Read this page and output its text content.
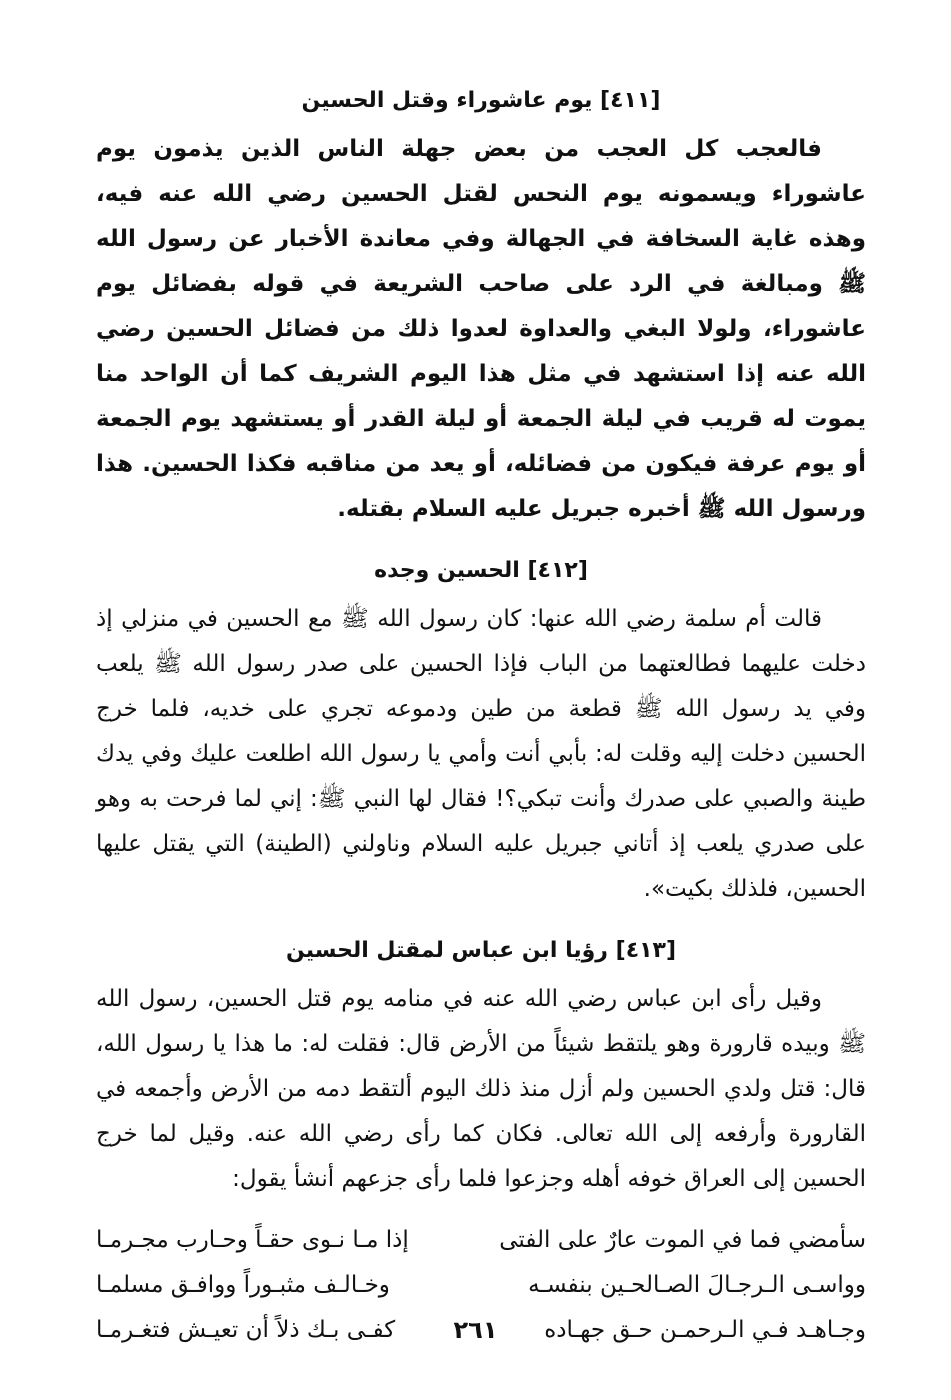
[٤١١] يوم عاشوراء وقتل الحسين

فالعجب كل العجب من بعض جهلة الناس الذين يذمون يوم عاشوراء ويسمونه يوم النحس لقتل الحسين رضي الله عنه فيه، وهذه غاية السخافة في الجهالة وفي معاندة الأخبار عن رسول الله ﷺ ومبالغة في الرد على صاحب الشريعة في قوله بفضائل يوم عاشوراء، ولولا البغي والعداوة لعدوا ذلك من فضائل الحسين رضي الله عنه إذا استشهد في مثل هذا اليوم الشريف كما أن الواحد منا يموت له قريب في ليلة الجمعة أو ليلة القدر أو يستشهد يوم الجمعة أو يوم عرفة فيكون من فضائله، أو يعد من مناقبه فكذا الحسين. هذا ورسول الله ﷺ أخبره جبريل عليه السلام بقتله.

[٤١٢] الحسين وجده

قالت أم سلمة رضي الله عنها: كان رسول الله ﷺ مع الحسين في منزلي إذ دخلت عليهما فطالعتهما من الباب فإذا الحسين على صدر رسول الله ﷺ يلعب وفي يد رسول الله ﷺ قطعة من طين ودموعه تجري على خديه، فلما خرج الحسين دخلت إليه وقلت له: بأبي أنت وأمي يا رسول الله اطلعت عليك وفي يدك طينة والصبي على صدرك وأنت تبكي؟! فقال لها النبي ﷺ: إني لما فرحت به وهو على صدري يلعب إذ أتاني جبريل عليه السلام وناولني (الطينة) التي يقتل عليها الحسين، فلذلك بكيت».

[٤١٣] رؤيا ابن عباس لمقتل الحسين

وقيل رأى ابن عباس رضي الله عنه في منامه يوم قتل الحسين، رسول الله ﷺ وبيده قارورة وهو يلتقط شيئاً من الأرض قال: فقلت له: ما هذا يا رسول الله، قال: قتل ولدي الحسين ولم أزل منذ ذلك اليوم ألتقط دمه من الأرض وأجمعه في القارورة وأرفعه إلى الله تعالى. فكان كما رأى رضي الله عنه. وقيل لما خرج الحسين إلى العراق خوفه أهله وجزعوا فلما رأى جزعهم أنشأ يقول:

سأمضي فما في الموت عارٌ على الفتى
إذا مـا نـوى حقـاً وحـارب مجـرمـا
وواسـى الـرجـالَ الصـالحـين بنفسـه
وخـالـف مثبـوراً ووافـق مسلمـا
وجـاهـد فـي الـرحمـن حـق جهـاده
كفـى بـك ذلاً أن تعيـش فتغـرمـا	٢٦١
